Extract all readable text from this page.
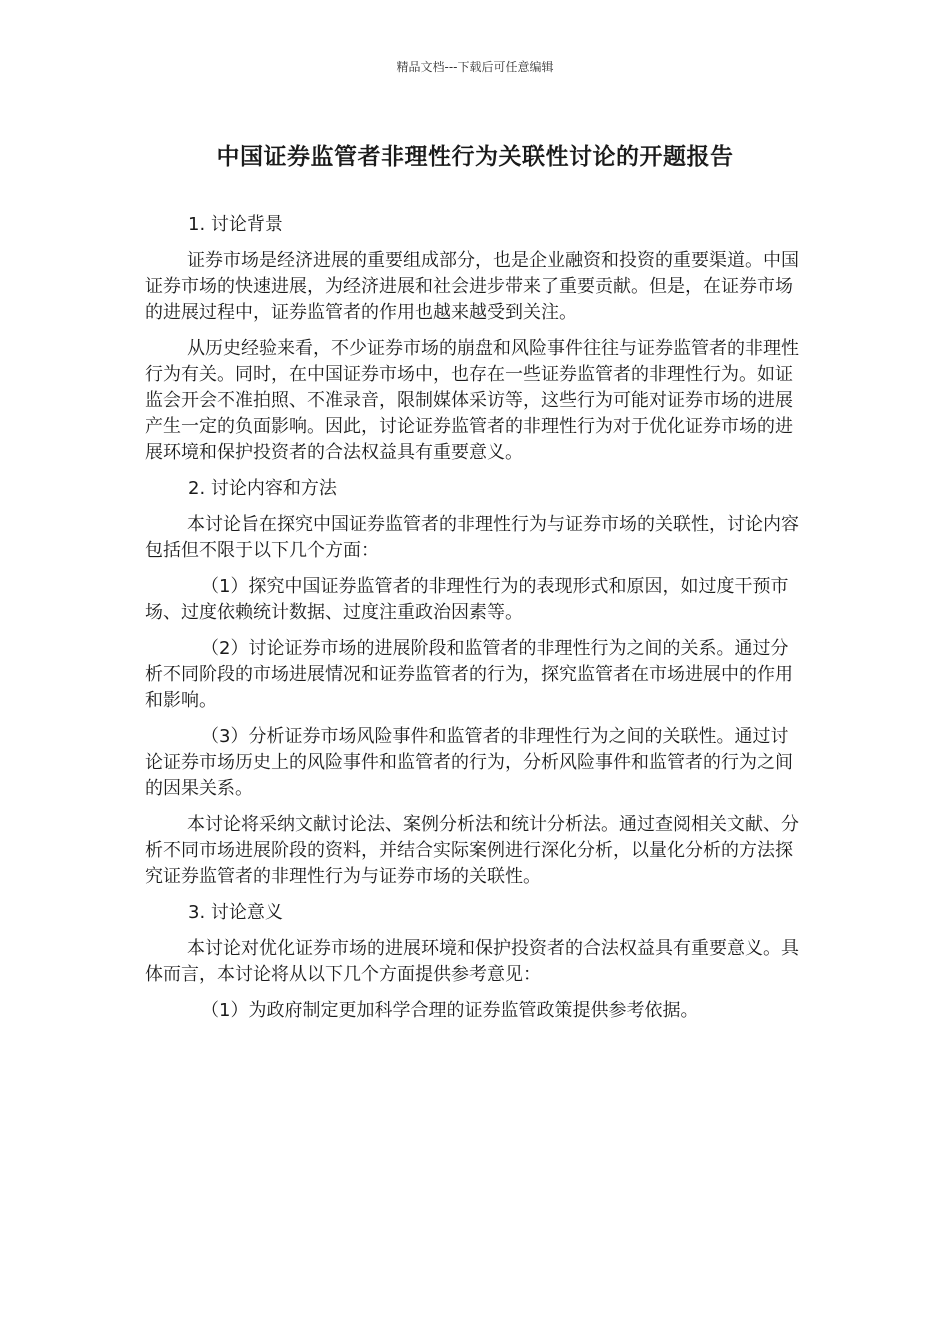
精品文档---下载后可任意编辑
中国证券监管者非理性行为关联性讨论的开题报告

1. 讨论背景

证券市场是经济进展的重要组成部分，也是企业融资和投资的重要渠道。中国证券市场的快速进展，为经济进展和社会进步带来了重要贡献。但是，在证券市场的进展过程中，证券监管者的作用也越来越受到关注。

从历史经验来看，不少证券市场的崩盘和风险事件往往与证券监管者的非理性行为有关。同时，在中国证券市场中，也存在一些证券监管者的非理性行为。如证监会开会不准拍照、不准录音，限制媒体采访等，这些行为可能对证券市场的进展产生一定的负面影响。因此，讨论证券监管者的非理性行为对于优化证券市场的进展环境和保护投资者的合法权益具有重要意义。

2. 讨论内容和方法

本讨论旨在探究中国证券监管者的非理性行为与证券市场的关联性，讨论内容包括但不限于以下几个方面：

（1）探究中国证券监管者的非理性行为的表现形式和原因，如过度干预市场、过度依赖统计数据、过度注重政治因素等。

（2）讨论证券市场的进展阶段和监管者的非理性行为之间的关系。通过分析不同阶段的市场进展情况和证券监管者的行为，探究监管者在市场进展中的作用和影响。

（3）分析证券市场风险事件和监管者的非理性行为之间的关联性。通过讨论证券市场历史上的风险事件和监管者的行为，分析风险事件和监管者的行为之间的因果关系。

本讨论将采纳文献讨论法、案例分析法和统计分析法。通过查阅相关文献、分析不同市场进展阶段的资料，并结合实际案例进行深化分析，以量化分析的方法探究证券监管者的非理性行为与证券市场的关联性。

3. 讨论意义

本讨论对优化证券市场的进展环境和保护投资者的合法权益具有重要意义。具体而言，本讨论将从以下几个方面提供参考意见：

（1）为政府制定更加科学合理的证券监管政策提供参考依据。
